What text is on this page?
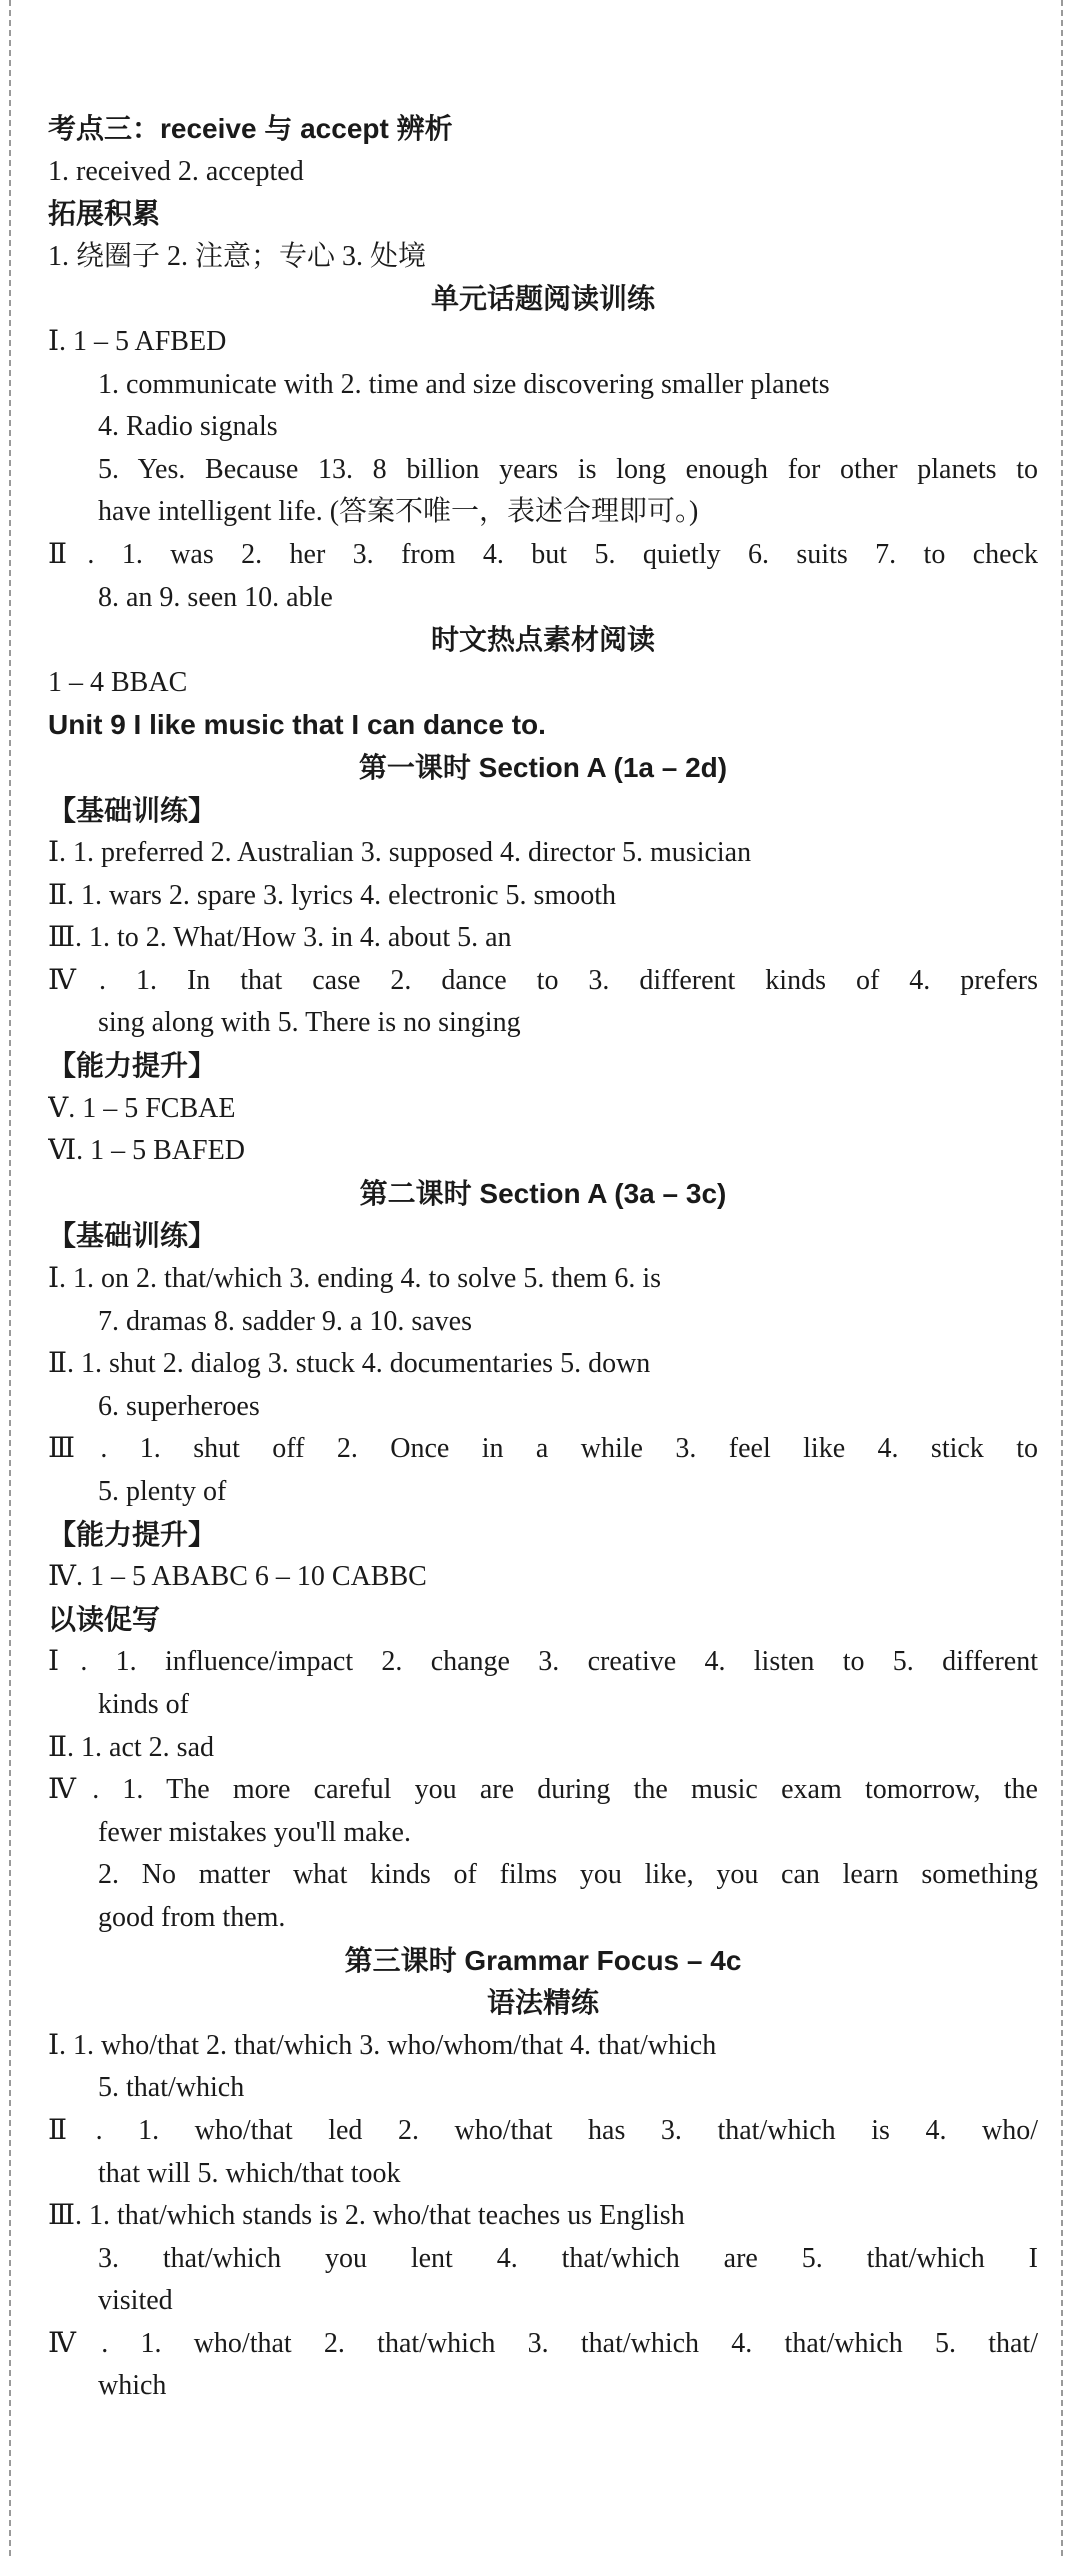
考点三：receive 与 accept 辨析
1. received 2. accepted
拓展积累
1. 绕圈子 2. 注意；专心 3. 处境
单元话题阅读训练
Ⅰ. 1 – 5 AFBED
1. communicate with 2. time and size discovering smaller planets
4. Radio signals
5. Yes. Because 13. 8 billion years is long enough for other planets to
have intelligent life. (答案不唯一，表述合理即可。)
Ⅱ. 1. was 2. her 3. from 4. but 5. quietly 6. suits 7. to check
8. an 9. seen 10. able
时文热点素材阅读
1 – 4 BBAC
Unit 9 I like music that I can dance to.
第一课时 Section A (1a – 2d)
【基础训练】
Ⅰ. 1. preferred 2. Australian 3. supposed 4. director 5. musician
Ⅱ. 1. wars 2. spare 3. lyrics 4. electronic 5. smooth
Ⅲ. 1. to 2. What/How 3. in 4. about 5. an
Ⅳ. 1. In that case 2. dance to 3. different kinds of 4. prefers
sing along with 5. There is no singing
【能力提升】
Ⅴ. 1 – 5 FCBAE
Ⅵ. 1 – 5 BAFED
第二课时 Section A (3a – 3c)
【基础训练】
Ⅰ. 1. on 2. that/which 3. ending 4. to solve 5. them 6. is
7. dramas 8. sadder 9. a 10. saves
Ⅱ. 1. shut 2. dialog 3. stuck 4. documentaries 5. down
6. superheroes
Ⅲ. 1. shut off 2. Once in a while 3. feel like 4. stick to
5. plenty of
【能力提升】
Ⅳ. 1 – 5 ABABC 6 – 10 CABBC
以读促写
Ⅰ. 1. influence/impact 2. change 3. creative 4. listen to 5. different
kinds of
Ⅱ. 1. act 2. sad
Ⅳ. 1. The more careful you are during the music exam tomorrow, the
fewer mistakes you'll make.
2. No matter what kinds of films you like, you can learn something
good from them.
第三课时 Grammar Focus – 4c
语法精练
Ⅰ. 1. who/that 2. that/which 3. who/whom/that 4. that/which
5. that/which
Ⅱ. 1. who/that led 2. who/that has 3. that/which is 4. who/
that will 5. which/that took
Ⅲ. 1. that/which stands is 2. who/that teaches us English
3. that/which you lent 4. that/which are 5. that/which I
visited
Ⅳ. 1. who/that 2. that/which 3. that/which 4. that/which 5. that/
which
